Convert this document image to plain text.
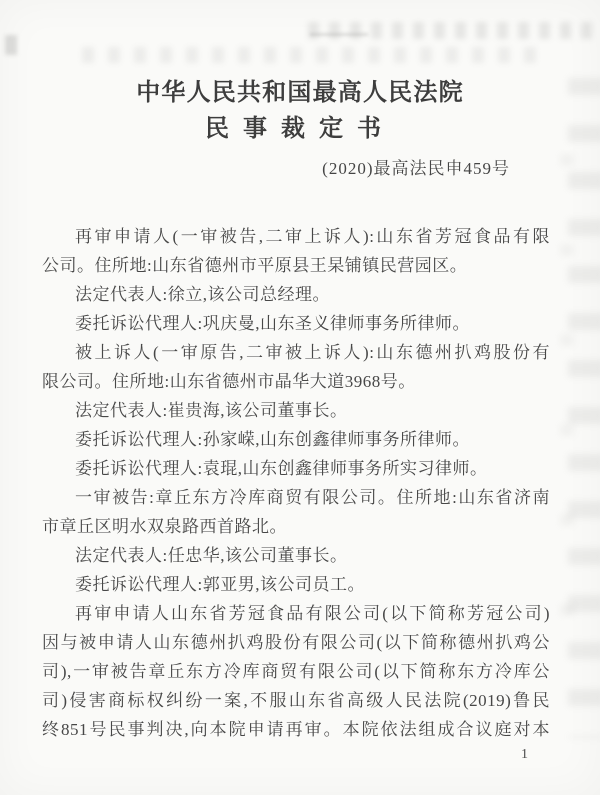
中华人民共和国最高人民法院
民事裁定书
(2020)最高法民申459号
再审申请人(一审被告,二审上诉人):山东省芳冠食品有限
公司。住所地:山东省德州市平原县王杲铺镇民营园区。
法定代表人:徐立,该公司总经理。
委托诉讼代理人:巩庆曼,山东圣义律师事务所律师。
被上诉人(一审原告,二审被上诉人):山东德州扒鸡股份有
限公司。住所地:山东省德州市晶华大道3968号。
法定代表人:崔贵海,该公司董事长。
委托诉讼代理人:孙家嵘,山东创鑫律师事务所律师。
委托诉讼代理人:袁琨,山东创鑫律师事务所实习律师。
一审被告:章丘东方冷库商贸有限公司。住所地:山东省济南
市章丘区明水双泉路西首路北。
法定代表人:任忠华,该公司董事长。
委托诉讼代理人:郭亚男,该公司员工。
再审申请人山东省芳冠食品有限公司(以下简称芳冠公司)
因与被申请人山东德州扒鸡股份有限公司(以下简称德州扒鸡公
司),一审被告章丘东方冷库商贸有限公司(以下简称东方冷库公
司)侵害商标权纠纷一案,不服山东省高级人民法院(2019)鲁民
终851号民事判决,向本院申请再审。本院依法组成合议庭对本
1
